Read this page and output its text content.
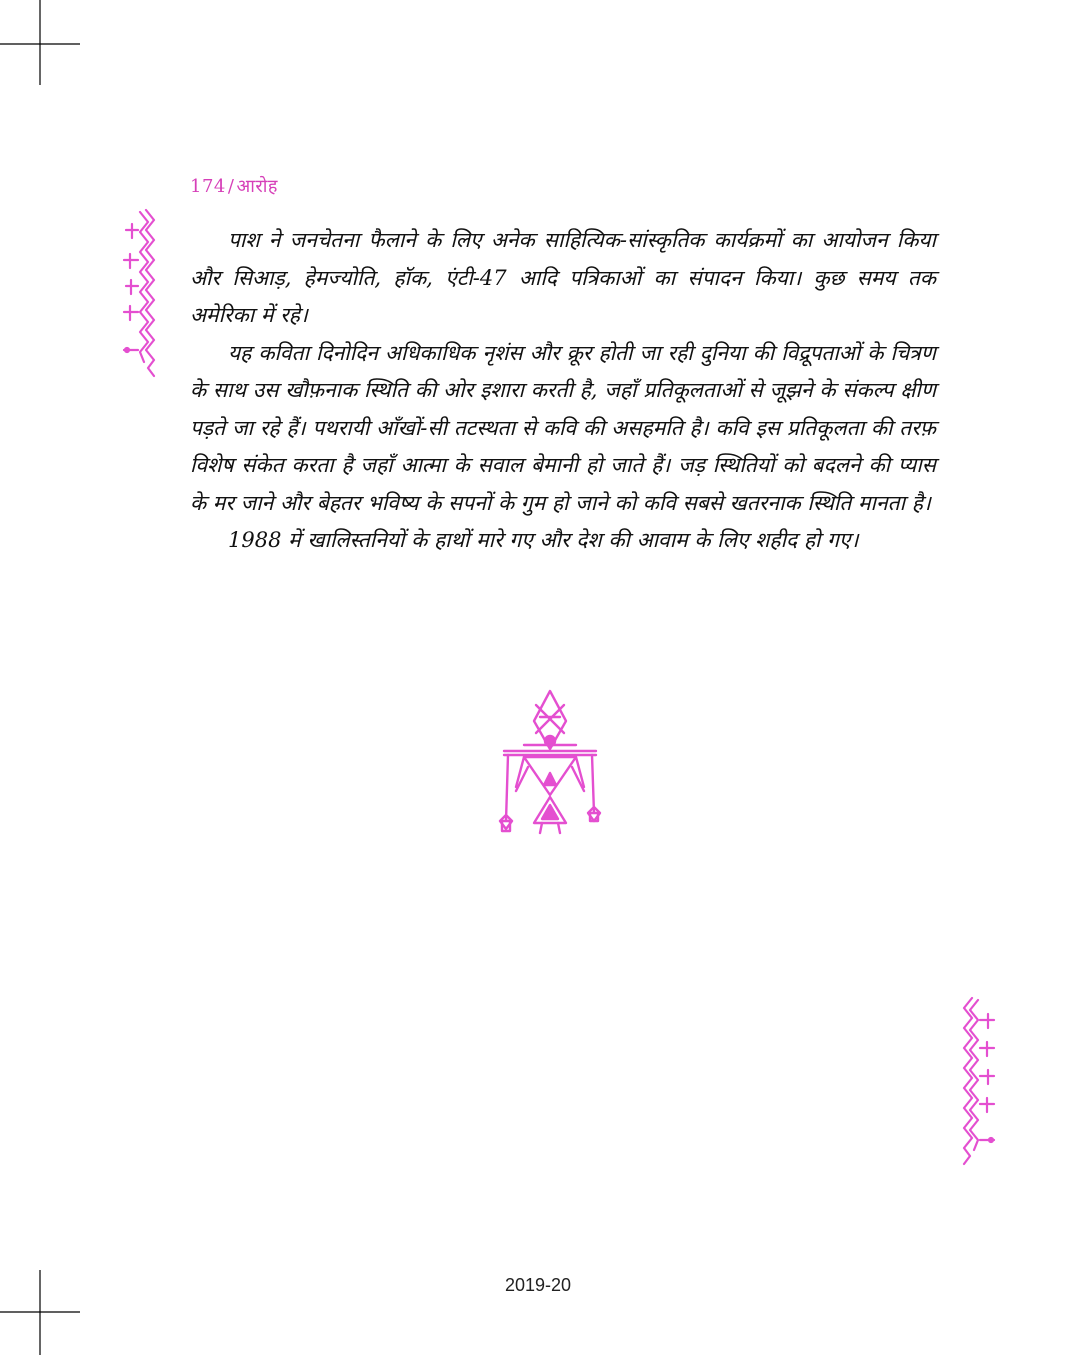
174 / आरोह

पाश ने जनचेतना फैलाने के लिए अनेक साहित्यिक-सांस्कृतिक कार्यक्रमों का आयोजन किया और सिआड़, हेमज्योति, हॉक, एंटी-47 आदि पत्रिकाओं का संपादन किया। कुछ समय तक अमेरिका में रहे।

यह कविता दिनोदिन अधिकाधिक नृशंस और क्रूर होती जा रही दुनिया की विद्रूपताओं के चित्रण के साथ उस खौफ़नाक स्थिति की ओर इशारा करती है, जहाँ प्रतिकूलताओं से जूझने के संकल्प क्षीण पड़ते जा रहे हैं। पथरायी आँखों-सी तटस्थता से कवि की असहमति है। कवि इस प्रतिकूलता की तरफ़ विशेष संकेत करता है जहाँ आत्मा के सवाल बेमानी हो जाते हैं। जड़ स्थितियों को बदलने की प्यास के मर जाने और बेहतर भविष्य के सपनों के गुम हो जाने को कवि सबसे खतरनाक स्थिति मानता है।

1988 में खालिस्तनियों के हाथों मारे गए और देश की आवाम के लिए शहीद हो गए।

2019-20
